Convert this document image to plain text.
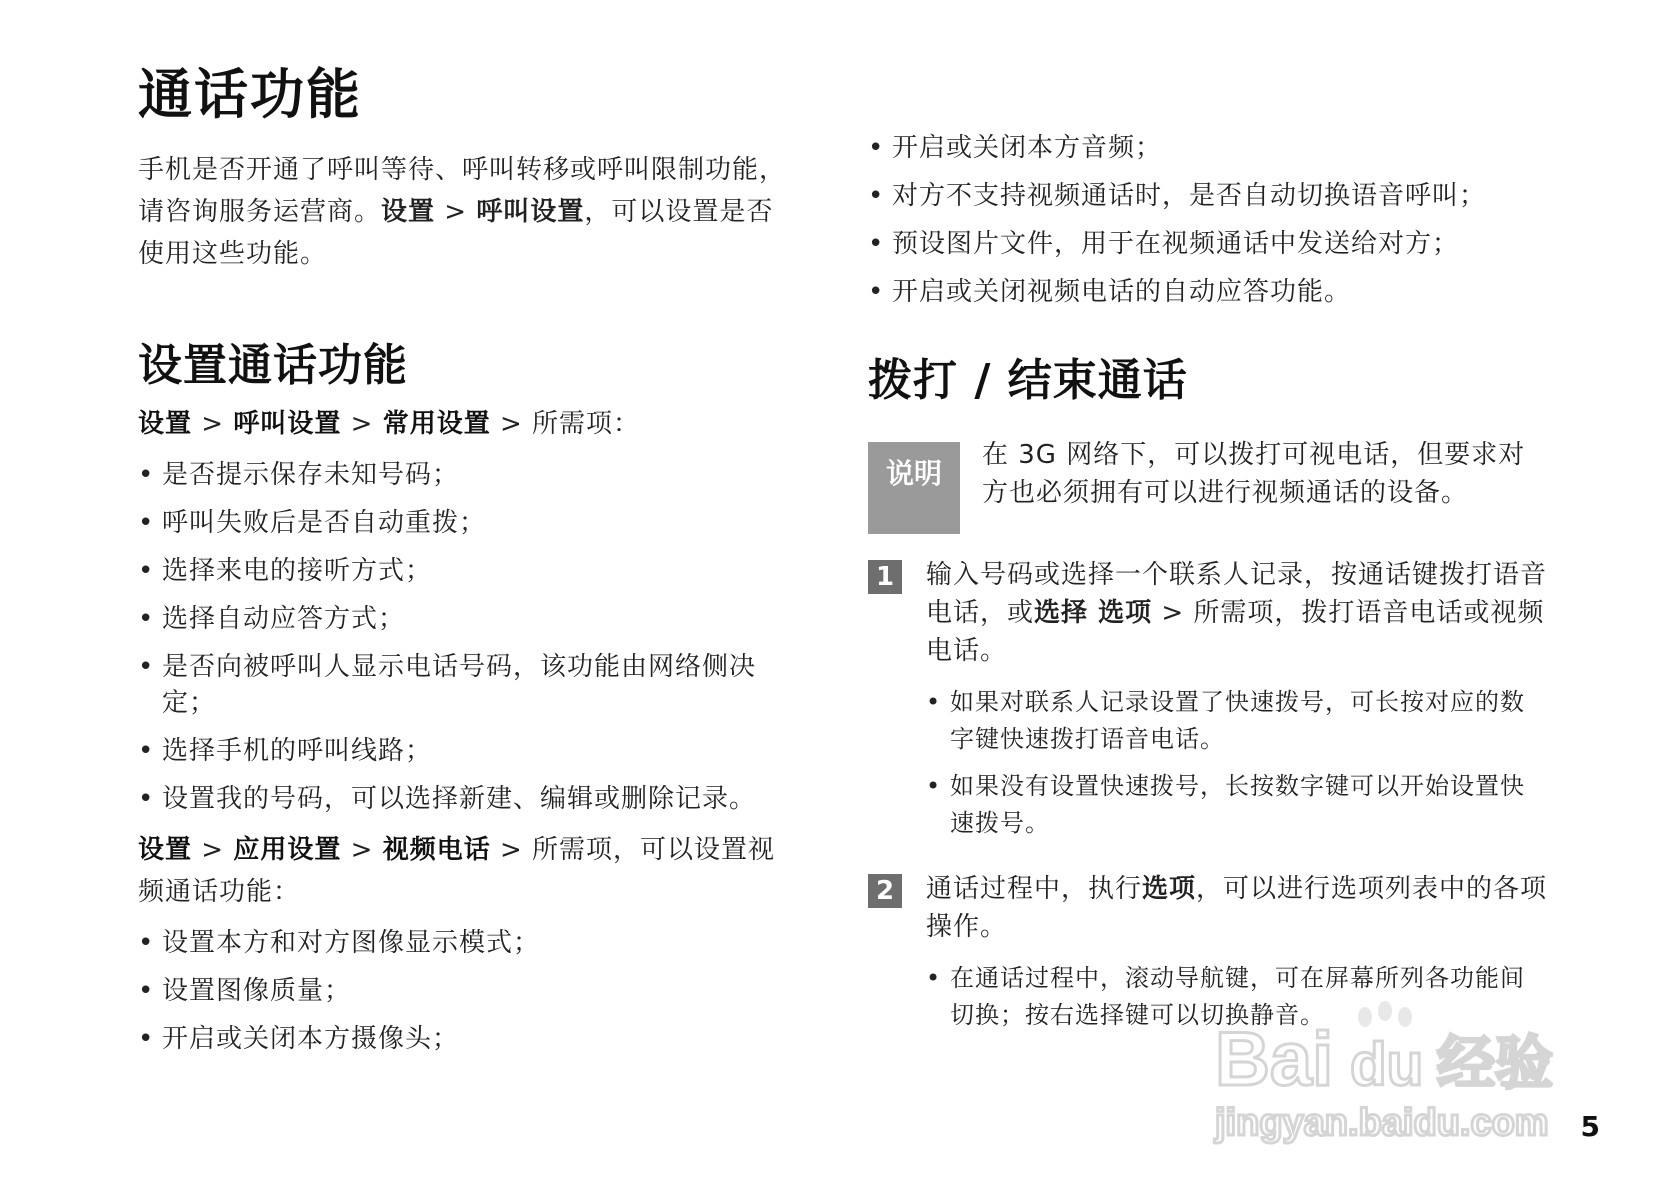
通话功能

手机是否开通了呼叫等待、呼叫转移或呼叫限制功能，请咨询服务运营商。设置 > 呼叫设置，可以设置是否使用这些功能。

设置通话功能

设置 > 呼叫设置 > 常用设置 > 所需项：

• 是否提示保存未知号码；
• 呼叫失败后是否自动重拨；
• 选择来电的接听方式；
• 选择自动应答方式；
• 是否向被呼叫人显示电话号码，该功能由网络侧决定；
• 选择手机的呼叫线路；
• 设置我的号码，可以选择新建、编辑或删除记录。

设置 > 应用设置 > 视频电话 > 所需项，可以设置视频通话功能：

• 设置本方和对方图像显示模式；
• 设置图像质量；
• 开启或关闭本方摄像头；
• 开启或关闭本方音频；
• 对方不支持视频通话时，是否自动切换语音呼叫；
• 预设图片文件，用于在视频通话中发送给对方；
• 开启或关闭视频电话的自动应答功能。
拨打 / 结束通话
说明
在 3G 网络下，可以拨打可视电话，但要求对方也必须拥有可以进行视频通话的设备。
1	输入号码或选择一个联系人记录，按通话键拨打语音电话，或选择 选项 > 所需项，拨打语音电话或视频电话。

• 如果对联系人记录设置了快速拨号，可长按对应的数字键快速拨打语音电话。
• 如果没有设置快速拨号，长按数字键可以开始设置快速拨号。
2	通话过程中，执行选项，可以进行选项列表中的各项操作。

• 在通话过程中，滚动导航键，可在屏幕所列各功能间切换；按右选择键可以切换静音。
Bai du 经验
jingyan.baidu.com 5
